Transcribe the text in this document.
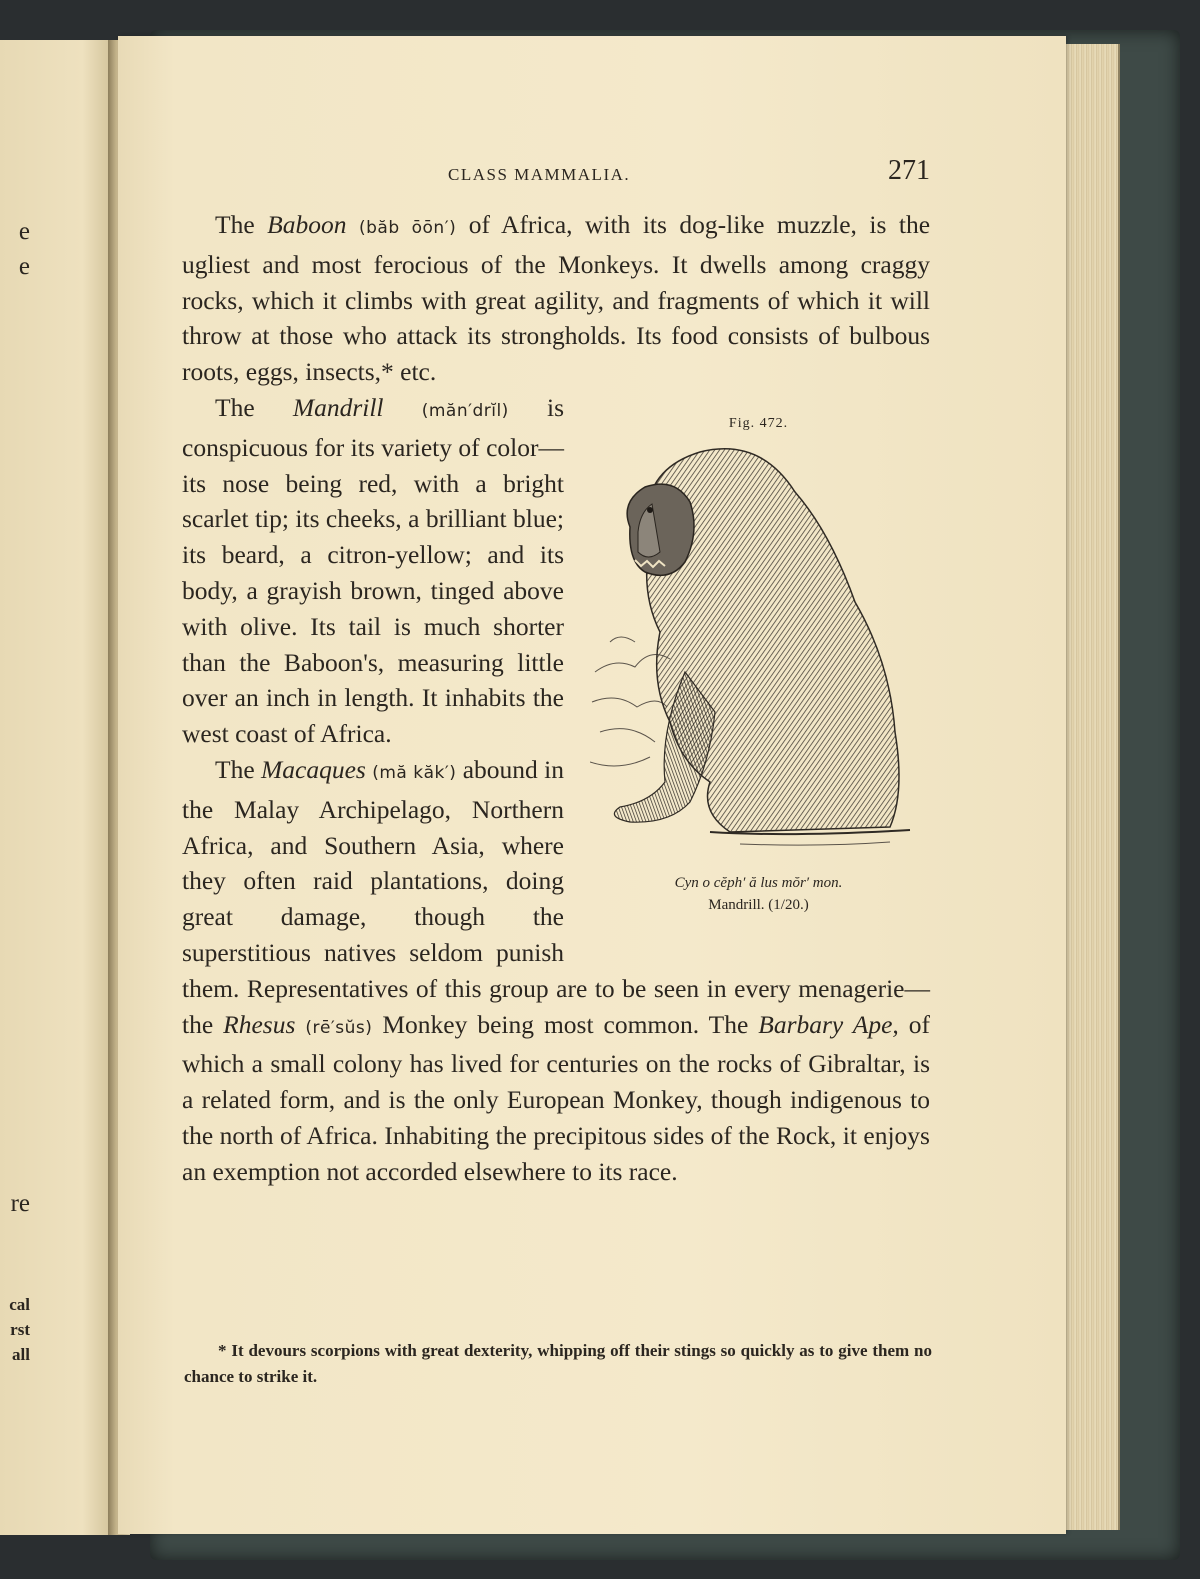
e
e
re
cal
rst
all
CLASS MAMMALIA.	271

The Baboon (băb ōōn′) of Africa, with its dog-like muzzle, is the ugliest and most ferocious of the Monkeys. It dwells among craggy rocks, which it climbs with great agility, and fragments of which it will throw at those who attack its strongholds. Its food consists of bulbous roots, eggs, insects,* etc.

The Mandrill (măn′drĭl)
Fig. 472.
Cyn o cĕph′ ă lus mŏr′ mon.
Mandrill. (1/20.)
is conspicuous for its variety of color—its nose being red, with a bright scarlet tip; its cheeks, a brilliant blue; its beard, a citron-yellow; and its body, a grayish brown, tinged above with olive. Its tail is much shorter than the Baboon's, measuring little over an inch in length. It inhabits the west coast of Africa.

The Macaques (mă kăk′) abound in the Malay Archipelago, Northern Africa, and Southern Asia, where they often raid plantations, doing great damage, though the superstitious natives seldom punish them. Representatives of this group are to be seen in every menagerie—the Rhesus (rē′sŭs) Monkey being most common. The Barbary Ape, of which a small colony has lived for centuries on the rocks of Gibraltar, is a related form, and is the only European Monkey, though indigenous to the north of Africa. Inhabiting the precipitous sides of the Rock, it enjoys an exemption not accorded elsewhere to its race.

* It devours scorpions with great dexterity, whipping off their stings so quickly as to give them no chance to strike it.
